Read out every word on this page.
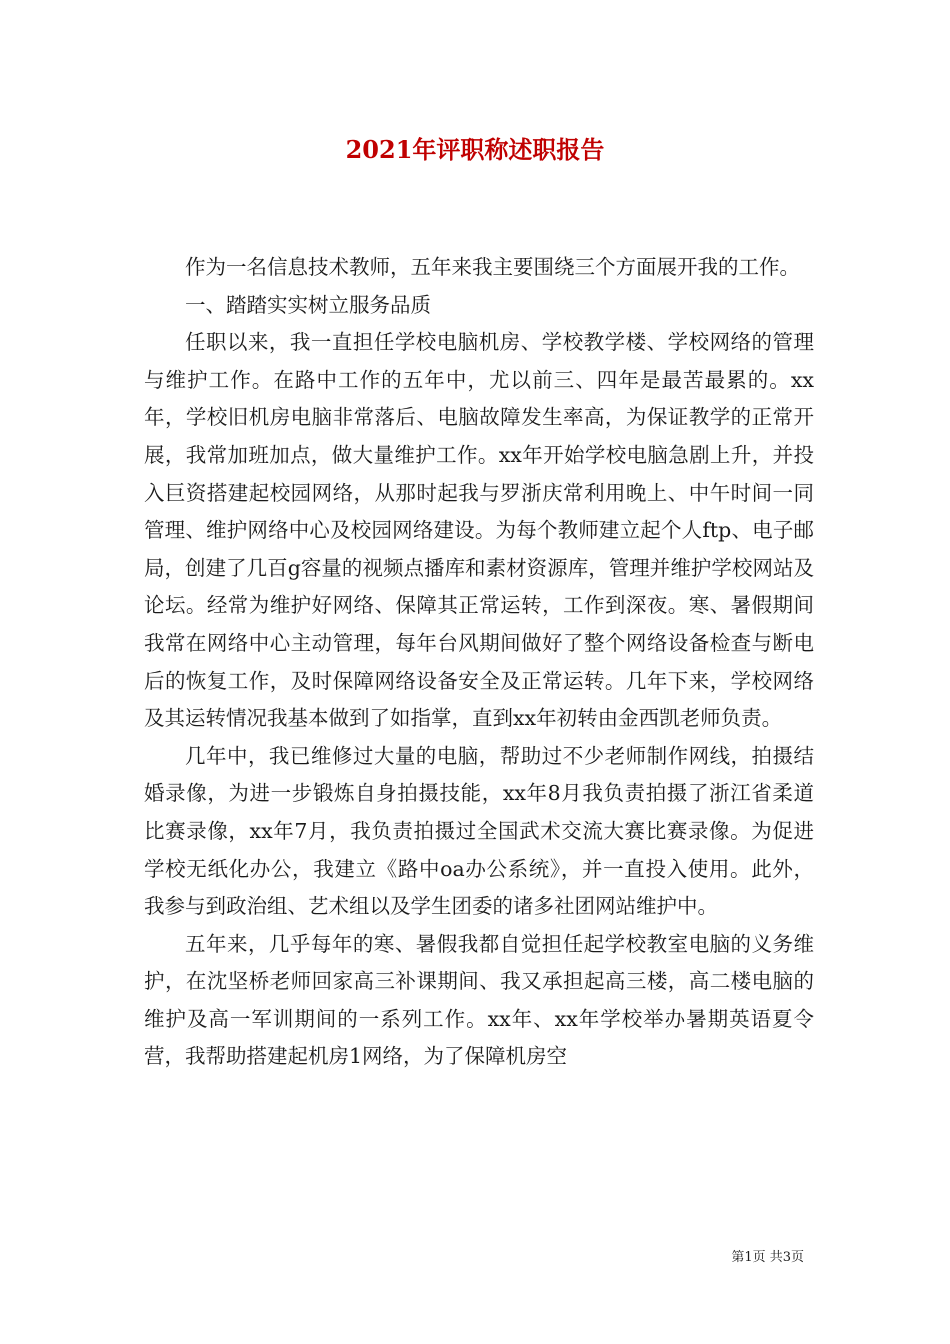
2021年评职称述职报告

作为一名信息技术教师，五年来我主要围绕三个方面展开我的工作。

一、踏踏实实树立服务品质

任职以来，我一直担任学校电脑机房、学校教学楼、学校网络的管理与维护工作。在路中工作的五年中，尤以前三、四年是最苦最累的。xx年，学校旧机房电脑非常落后、电脑故障发生率高，为保证教学的正常开展，我常加班加点，做大量维护工作。xx年开始学校电脑急剧上升，并投入巨资搭建起校园网络，从那时起我与罗浙庆常利用晚上、中午时间一同管理、维护网络中心及校园网络建设。为每个教师建立起个人ftp、电子邮局，创建了几百g容量的视频点播库和素材资源库，管理并维护学校网站及论坛。经常为维护好网络、保障其正常运转，工作到深夜。寒、暑假期间我常在网络中心主动管理，每年台风期间做好了整个网络设备检查与断电后的恢复工作，及时保障网络设备安全及正常运转。几年下来，学校网络及其运转情况我基本做到了如指掌，直到xx年初转由金西凯老师负责。

几年中，我已维修过大量的电脑，帮助过不少老师制作网线，拍摄结婚录像，为进一步锻炼自身拍摄技能，xx年8月我负责拍摄了浙江省柔道比赛录像，xx年7月，我负责拍摄过全国武术交流大赛比赛录像。为促进学校无纸化办公，我建立《路中oa办公系统》，并一直投入使用。此外，我参与到政治组、艺术组以及学生团委的诸多社团网站维护中。

五年来，几乎每年的寒、暑假我都自觉担任起学校教室电脑的义务维护，在沈坚桥老师回家高三补课期间、我又承担起高三楼，高二楼电脑的维护及高一军训期间的一系列工作。xx年、xx年学校举办暑期英语夏令营，我帮助搭建起机房1网络，为了保障机房空

第1页 共3页
